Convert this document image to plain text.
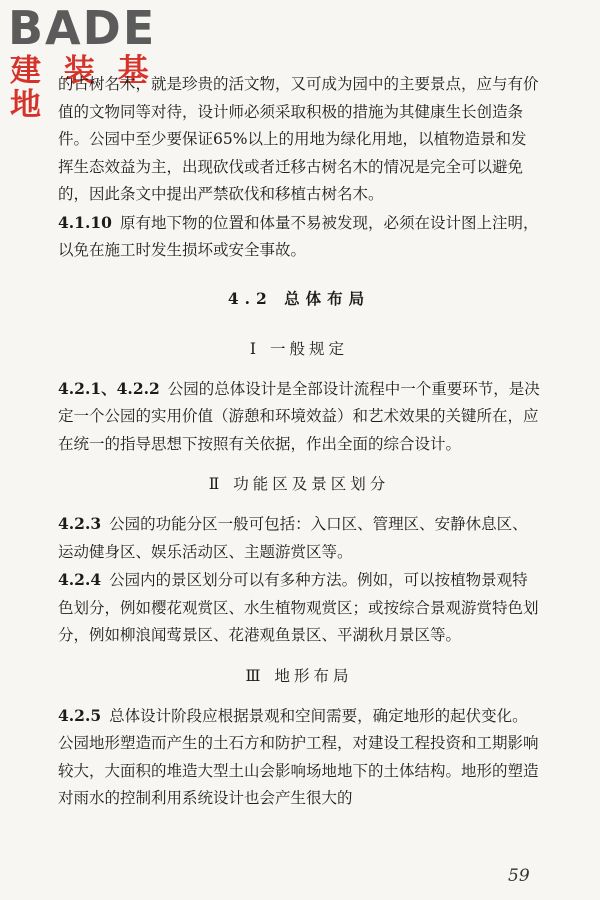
BADE
建 装 基 地

的古树名木，就是珍贵的活文物，又可成为园中的主要景点，应与有价值的文物同等对待，设计师必须采取积极的措施为其健康生长创造条件。公园中至少要保证65%以上的用地为绿化用地，以植物造景和发挥生态效益为主，出现砍伐或者迁移古树名木的情况是完全可以避免的，因此条文中提出严禁砍伐和移植古树名木。

4.1.10 原有地下物的位置和体量不易被发现，必须在设计图上注明，以免在施工时发生损坏或安全事故。

4.2 总体布局
Ⅰ 一般规定

4.2.1、4.2.2 公园的总体设计是全部设计流程中一个重要环节，是决定一个公园的实用价值（游憩和环境效益）和艺术效果的关键所在，应在统一的指导思想下按照有关依据，作出全面的综合设计。

Ⅱ 功能区及景区划分

4.2.3 公园的功能分区一般可包括：入口区、管理区、安静休息区、运动健身区、娱乐活动区、主题游赏区等。

4.2.4 公园内的景区划分可以有多种方法。例如，可以按植物景观特色划分，例如樱花观赏区、水生植物观赏区；或按综合景观游赏特色划分，例如柳浪闻莺景区、花港观鱼景区、平湖秋月景区等。

Ⅲ 地形布局

4.2.5 总体设计阶段应根据景观和空间需要，确定地形的起伏变化。公园地形塑造而产生的土石方和防护工程，对建设工程投资和工期影响较大，大面积的堆造大型土山会影响场地地下的土体结构。地形的塑造对雨水的控制利用系统设计也会产生很大的

59
